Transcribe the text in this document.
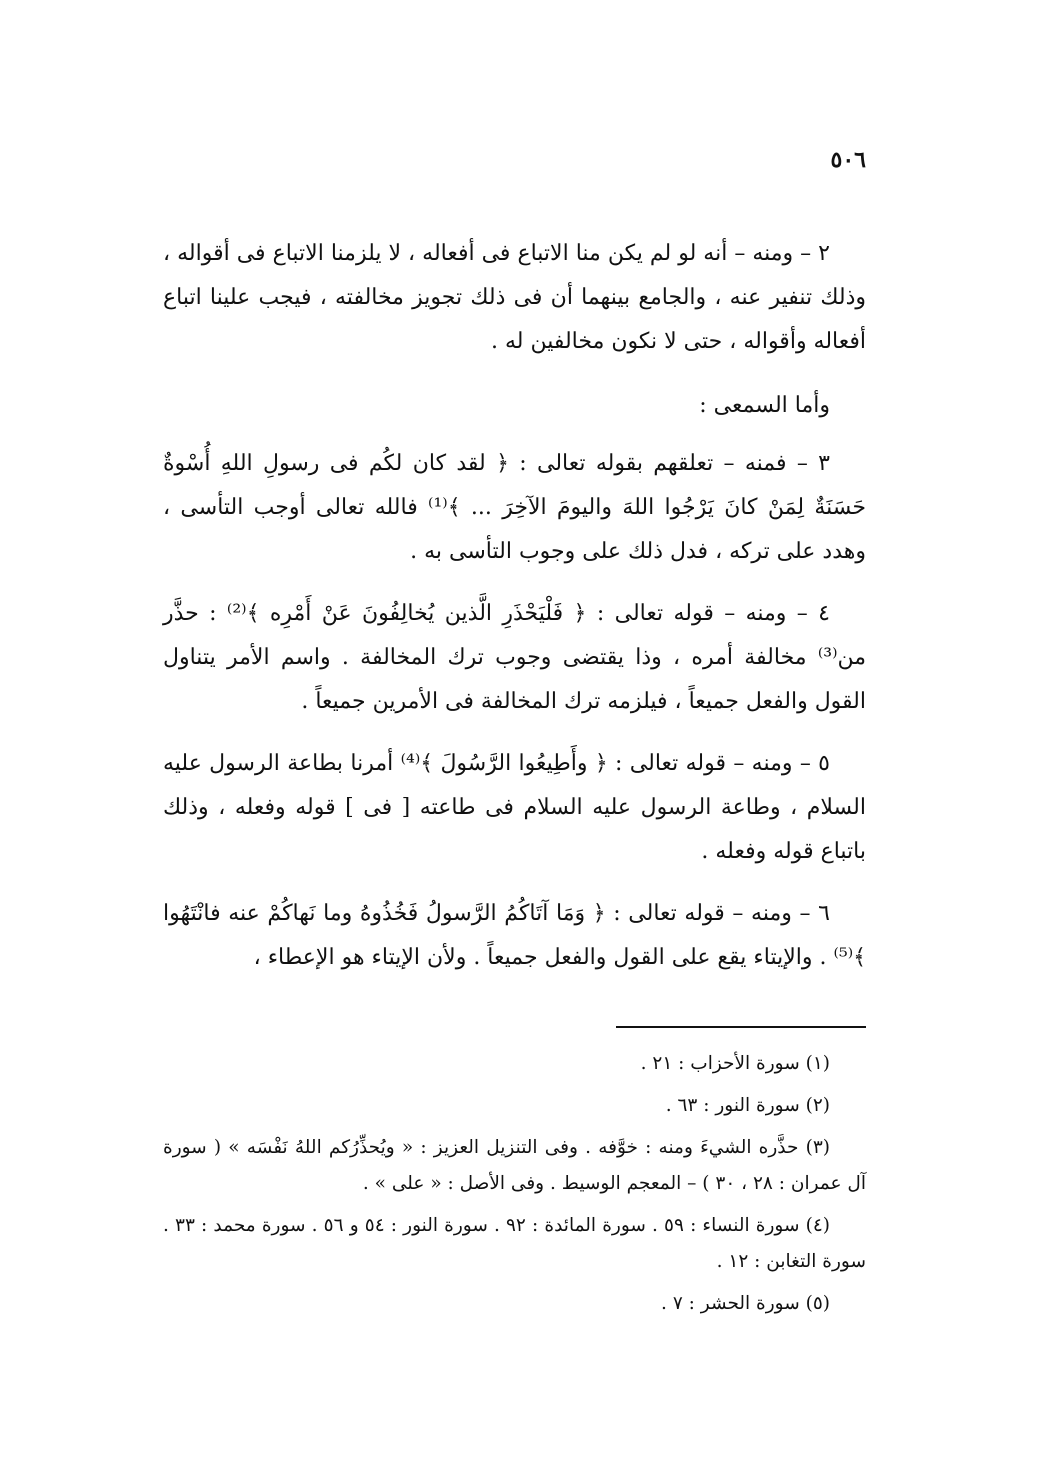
٥٠٦

٢ – ومنه – أنه لو لم يكن منا الاتباع فى أفعاله ، لا يلزمنا الاتباع فى أقواله ، وذلك تنفير عنه ، والجامع بينهما أن فى ذلك تجويز مخالفته ، فيجب علينا اتباع أفعاله وأقواله ، حتى لا نكون مخالفين له .

وأما السمعى :

٣ – فمنه – تعلقهم بقوله تعالى : ﴿ لقد كان لكُم فى رسولِ اللهِ أُسْوةٌ حَسَنَةٌ لِمَنْ كانَ يَرْجُوا اللهَ واليومَ الآخِرَ ... ﴾⁽¹⁾ فالله تعالى أوجب التأسى ، وهدد على تركه ، فدل ذلك على وجوب التأسى به .

٤ – ومنه – قوله تعالى : ﴿ فَلْيَحْذَرِ الَّذين يُخالِفُونَ عَنْ أَمْرِه ﴾⁽²⁾ : حذَّر من⁽³⁾ مخالفة أمره ، وذا يقتضى وجوب ترك المخالفة . واسم الأمر يتناول القول والفعل جميعاً ، فيلزمه ترك المخالفة فى الأمرين جميعاً .

٥ – ومنه – قوله تعالى : ﴿ وأَطِيعُوا الرَّسُولَ ﴾⁽⁴⁾ أمرنا بطاعة الرسول عليه السلام ، وطاعة الرسول عليه السلام فى طاعته [ فى ] قوله وفعله ، وذلك باتباع قوله وفعله .

٦ – ومنه – قوله تعالى : ﴿ وَمَا آتَاكُمُ الرَّسولُ فَخُذُوهُ وما نَهاكُمْ عنه فانْتَهُوا ﴾⁽⁵⁾ . والإيتاء يقع على القول والفعل جميعاً . ولأن الإيتاء هو الإعطاء ،

(١) سورة الأحزاب : ٢١ .

(٢) سورة النور : ٦٣ .

(٣) حذَّره الشيءَ ومنه : خوَّفه . وفى التنزيل العزيز : « ويُحذِّرُكم اللهُ نَفْسَه » ( سورة آل عمران : ٢٨ ، ٣٠ ) – المعجم الوسيط . وفى الأصل : « على » .

(٤) سورة النساء : ٥٩ . سورة المائدة : ٩٢ . سورة النور : ٥٤ و ٥٦ . سورة محمد : ٣٣ . سورة التغابن : ١٢ .

(٥) سورة الحشر : ٧ .
